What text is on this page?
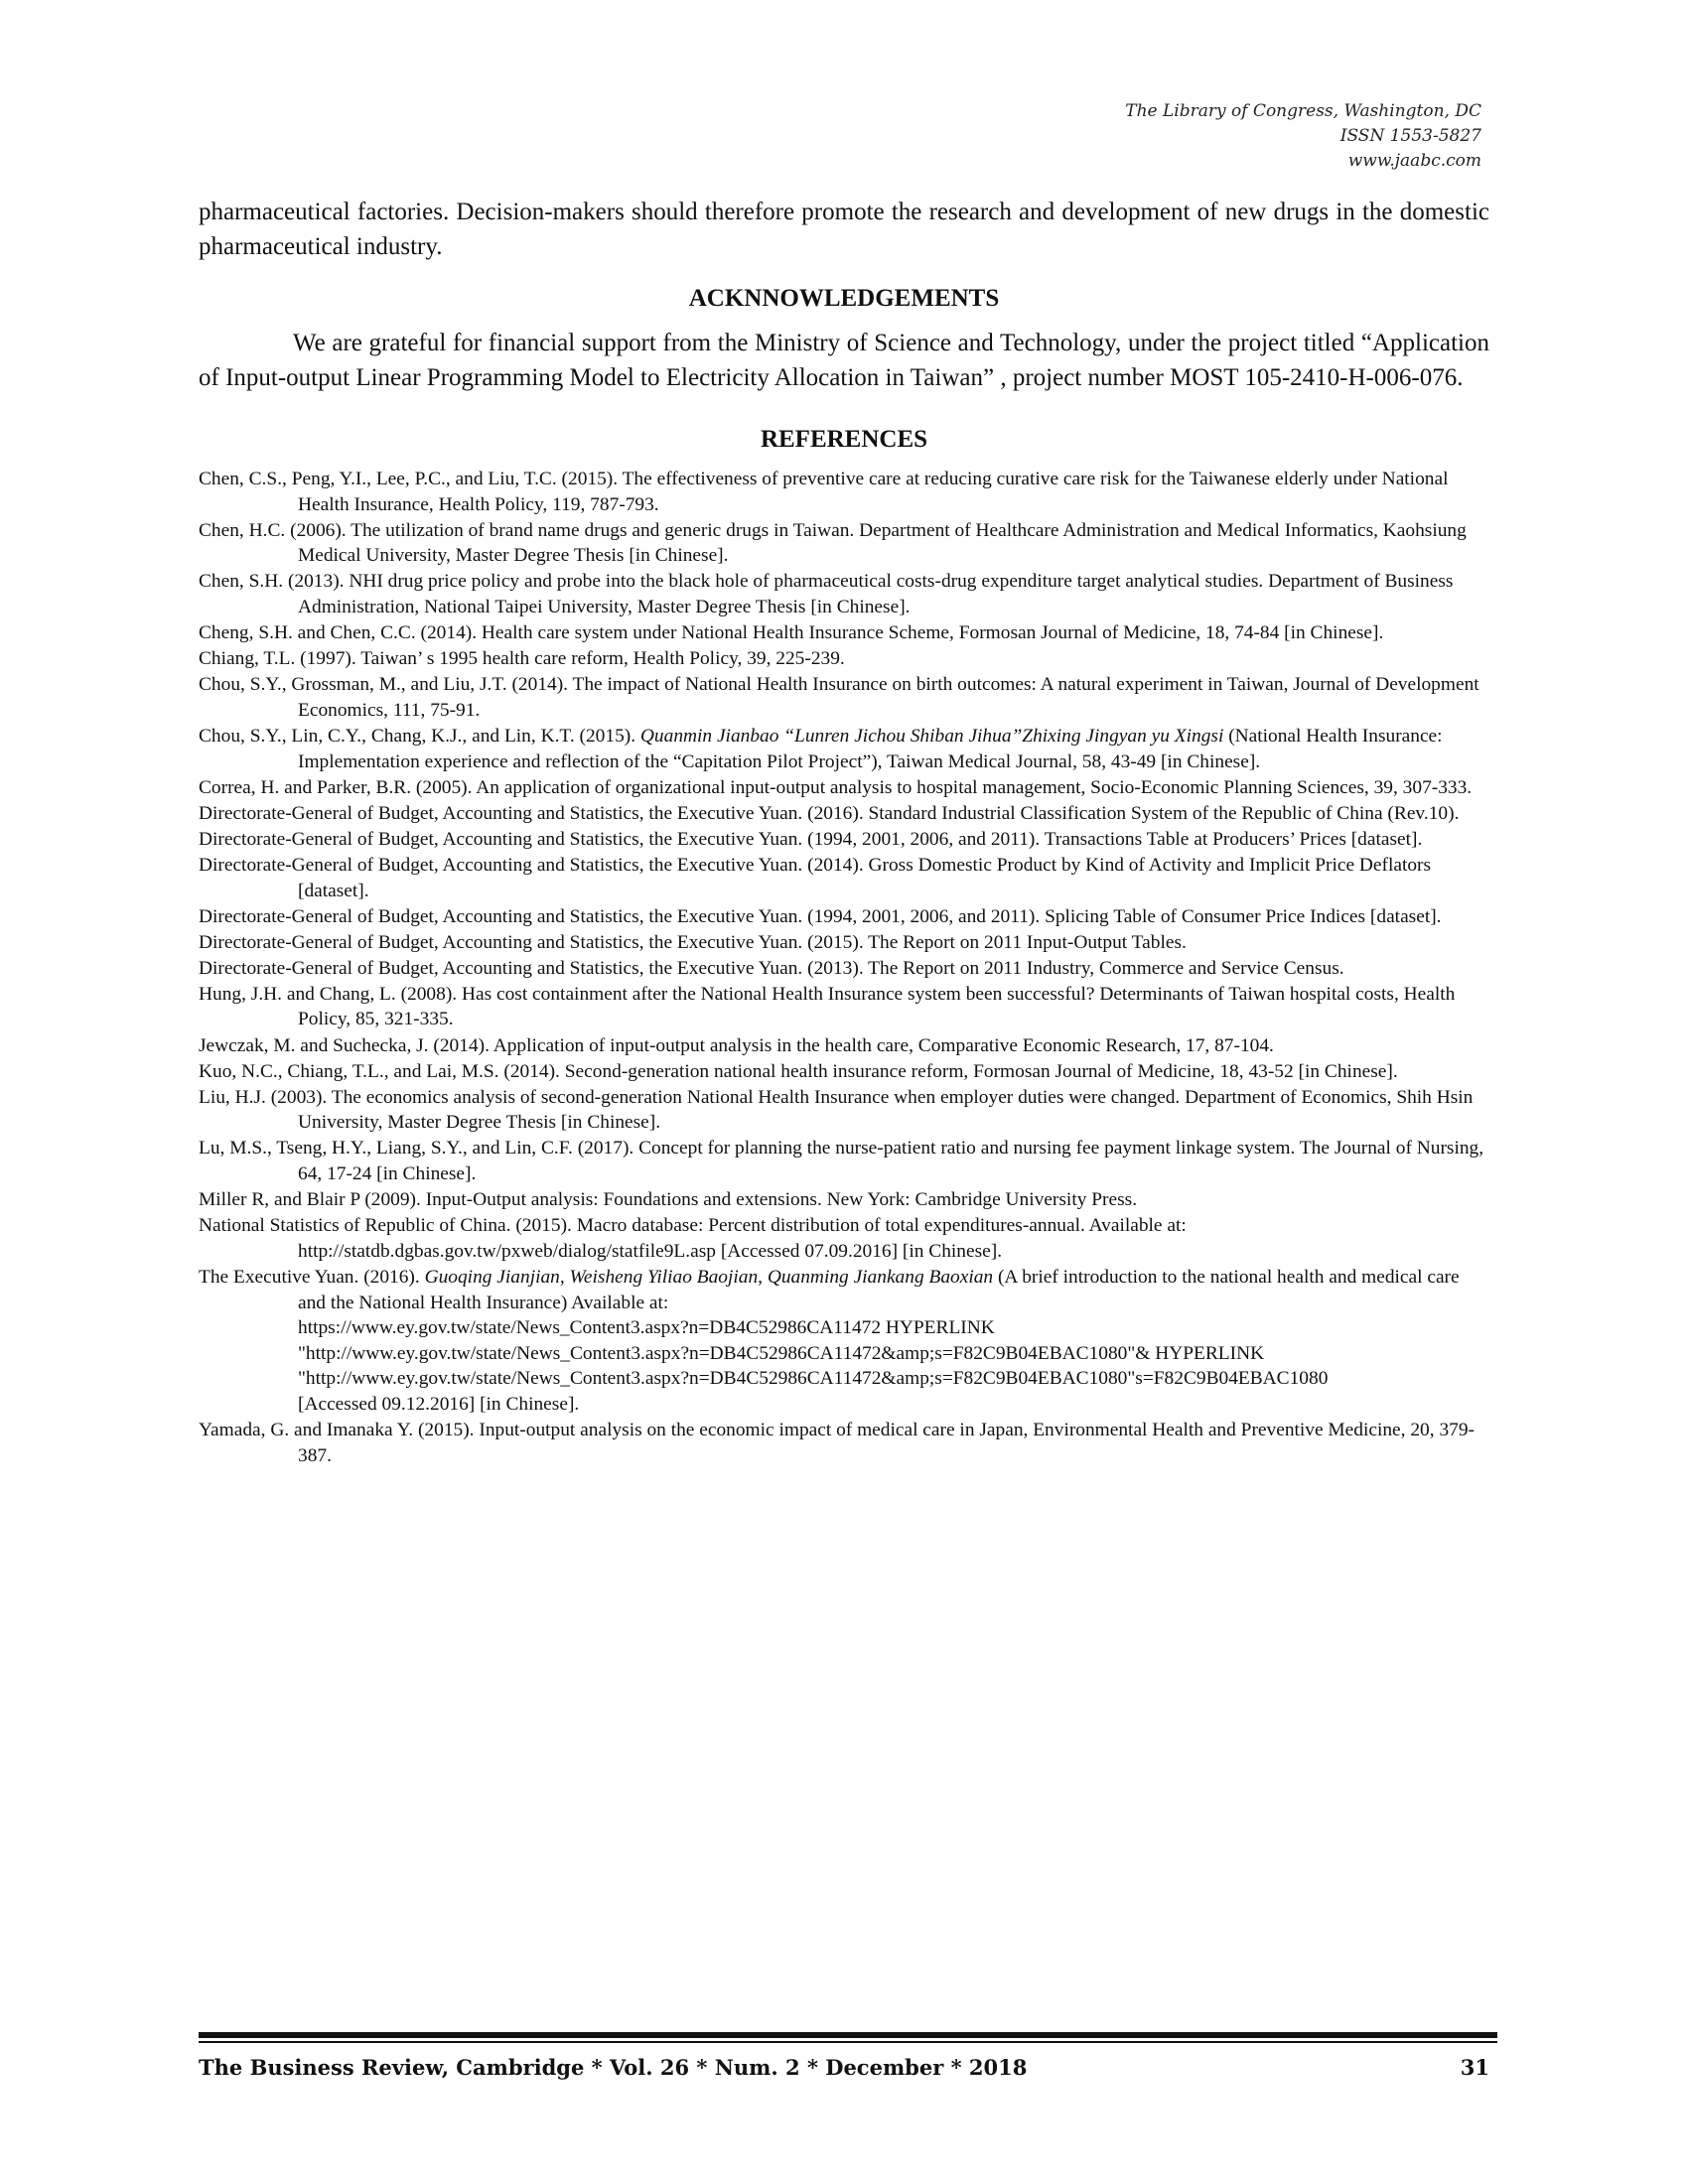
The Library of Congress, Washington, DC
ISSN 1553-5827
www.jaabc.com

pharmaceutical factories. Decision-makers should therefore promote the research and development of new drugs in the domestic pharmaceutical industry.

ACKNNOWLEDGEMENTS

We are grateful for financial support from the Ministry of Science and Technology, under the project titled “Application of Input-output Linear Programming Model to Electricity Allocation in Taiwan” , project number MOST 105-2410-H-006-076.

REFERENCES

Chen, C.S., Peng, Y.I., Lee, P.C., and Liu, T.C. (2015). The effectiveness of preventive care at reducing curative care risk for the Taiwanese elderly under National Health Insurance, Health Policy, 119, 787-793.
Chen, H.C. (2006). The utilization of brand name drugs and generic drugs in Taiwan. Department of Healthcare Administration and Medical Informatics, Kaohsiung Medical University, Master Degree Thesis [in Chinese].
Chen, S.H. (2013). NHI drug price policy and probe into the black hole of pharmaceutical costs-drug expenditure target analytical studies. Department of Business Administration, National Taipei University, Master Degree Thesis [in Chinese].
Cheng, S.H. and Chen, C.C. (2014). Health care system under National Health Insurance Scheme, Formosan Journal of Medicine, 18, 74-84 [in Chinese].
Chiang, T.L. (1997). Taiwan’ s 1995 health care reform, Health Policy, 39, 225-239.
Chou, S.Y., Grossman, M., and Liu, J.T. (2014). The impact of National Health Insurance on birth outcomes: A natural experiment in Taiwan, Journal of Development Economics, 111, 75-91.
Chou, S.Y., Lin, C.Y., Chang, K.J., and Lin, K.T. (2015). Quanmin Jianbao “Lunren Jichou Shiban Jihua”Zhixing Jingyan yu Xingsi (National Health Insurance: Implementation experience and reflection of the “Capitation Pilot Project”), Taiwan Medical Journal, 58, 43-49 [in Chinese].
Correa, H. and Parker, B.R. (2005). An application of organizational input-output analysis to hospital management, Socio-Economic Planning Sciences, 39, 307-333.
Directorate-General of Budget, Accounting and Statistics, the Executive Yuan. (2016). Standard Industrial Classification System of the Republic of China (Rev.10).
Directorate-General of Budget, Accounting and Statistics, the Executive Yuan. (1994, 2001, 2006, and 2011). Transactions Table at Producers’ Prices [dataset].
Directorate-General of Budget, Accounting and Statistics, the Executive Yuan. (2014). Gross Domestic Product by Kind of Activity and Implicit Price Deflators [dataset].
Directorate-General of Budget, Accounting and Statistics, the Executive Yuan. (1994, 2001, 2006, and 2011). Splicing Table of Consumer Price Indices [dataset].
Directorate-General of Budget, Accounting and Statistics, the Executive Yuan. (2015). The Report on 2011 Input-Output Tables.
Directorate-General of Budget, Accounting and Statistics, the Executive Yuan. (2013). The Report on 2011 Industry, Commerce and Service Census.
Hung, J.H. and Chang, L. (2008). Has cost containment after the National Health Insurance system been successful? Determinants of Taiwan hospital costs, Health Policy, 85, 321-335.
Jewczak, M. and Suchecka, J. (2014). Application of input-output analysis in the health care, Comparative Economic Research, 17, 87-104.
Kuo, N.C., Chiang, T.L., and Lai, M.S. (2014). Second-generation national health insurance reform, Formosan Journal of Medicine, 18, 43-52 [in Chinese].
Liu, H.J. (2003). The economics analysis of second-generation National Health Insurance when employer duties were changed. Department of Economics, Shih Hsin University, Master Degree Thesis [in Chinese].
Lu, M.S., Tseng, H.Y., Liang, S.Y., and Lin, C.F. (2017). Concept for planning the nurse-patient ratio and nursing fee payment linkage system. The Journal of Nursing, 64, 17-24 [in Chinese].
Miller R, and Blair P (2009). Input-Output analysis: Foundations and extensions. New York: Cambridge University Press.
National Statistics of Republic of China. (2015). Macro database: Percent distribution of total expenditures-annual. Available at: http://statdb.dgbas.gov.tw/pxweb/dialog/statfile9L.asp [Accessed 07.09.2016] [in Chinese].
The Executive Yuan. (2016). Guoqing Jianjian, Weisheng Yiliao Baojian, Quanming Jiankang Baoxian (A brief introduction to the national health and medical care and the National Health Insurance) Available at:
https://www.ey.gov.tw/state/News_Content3.aspx?n=DB4C52986CA11472 HYPERLINK
"http://www.ey.gov.tw/state/News_Content3.aspx?n=DB4C52986CA11472&amp;s=F82C9B04EBAC1080"& HYPERLINK
"http://www.ey.gov.tw/state/News_Content3.aspx?n=DB4C52986CA11472&amp;s=F82C9B04EBAC1080"s=F82C9B04EBAC1080
[Accessed 09.12.2016] [in Chinese].
Yamada, G. and Imanaka Y. (2015). Input-output analysis on the economic impact of medical care in Japan, Environmental Health and Preventive Medicine, 20, 379-387.
The Business Review, Cambridge * Vol. 26 * Num. 2 * December * 2018	31
